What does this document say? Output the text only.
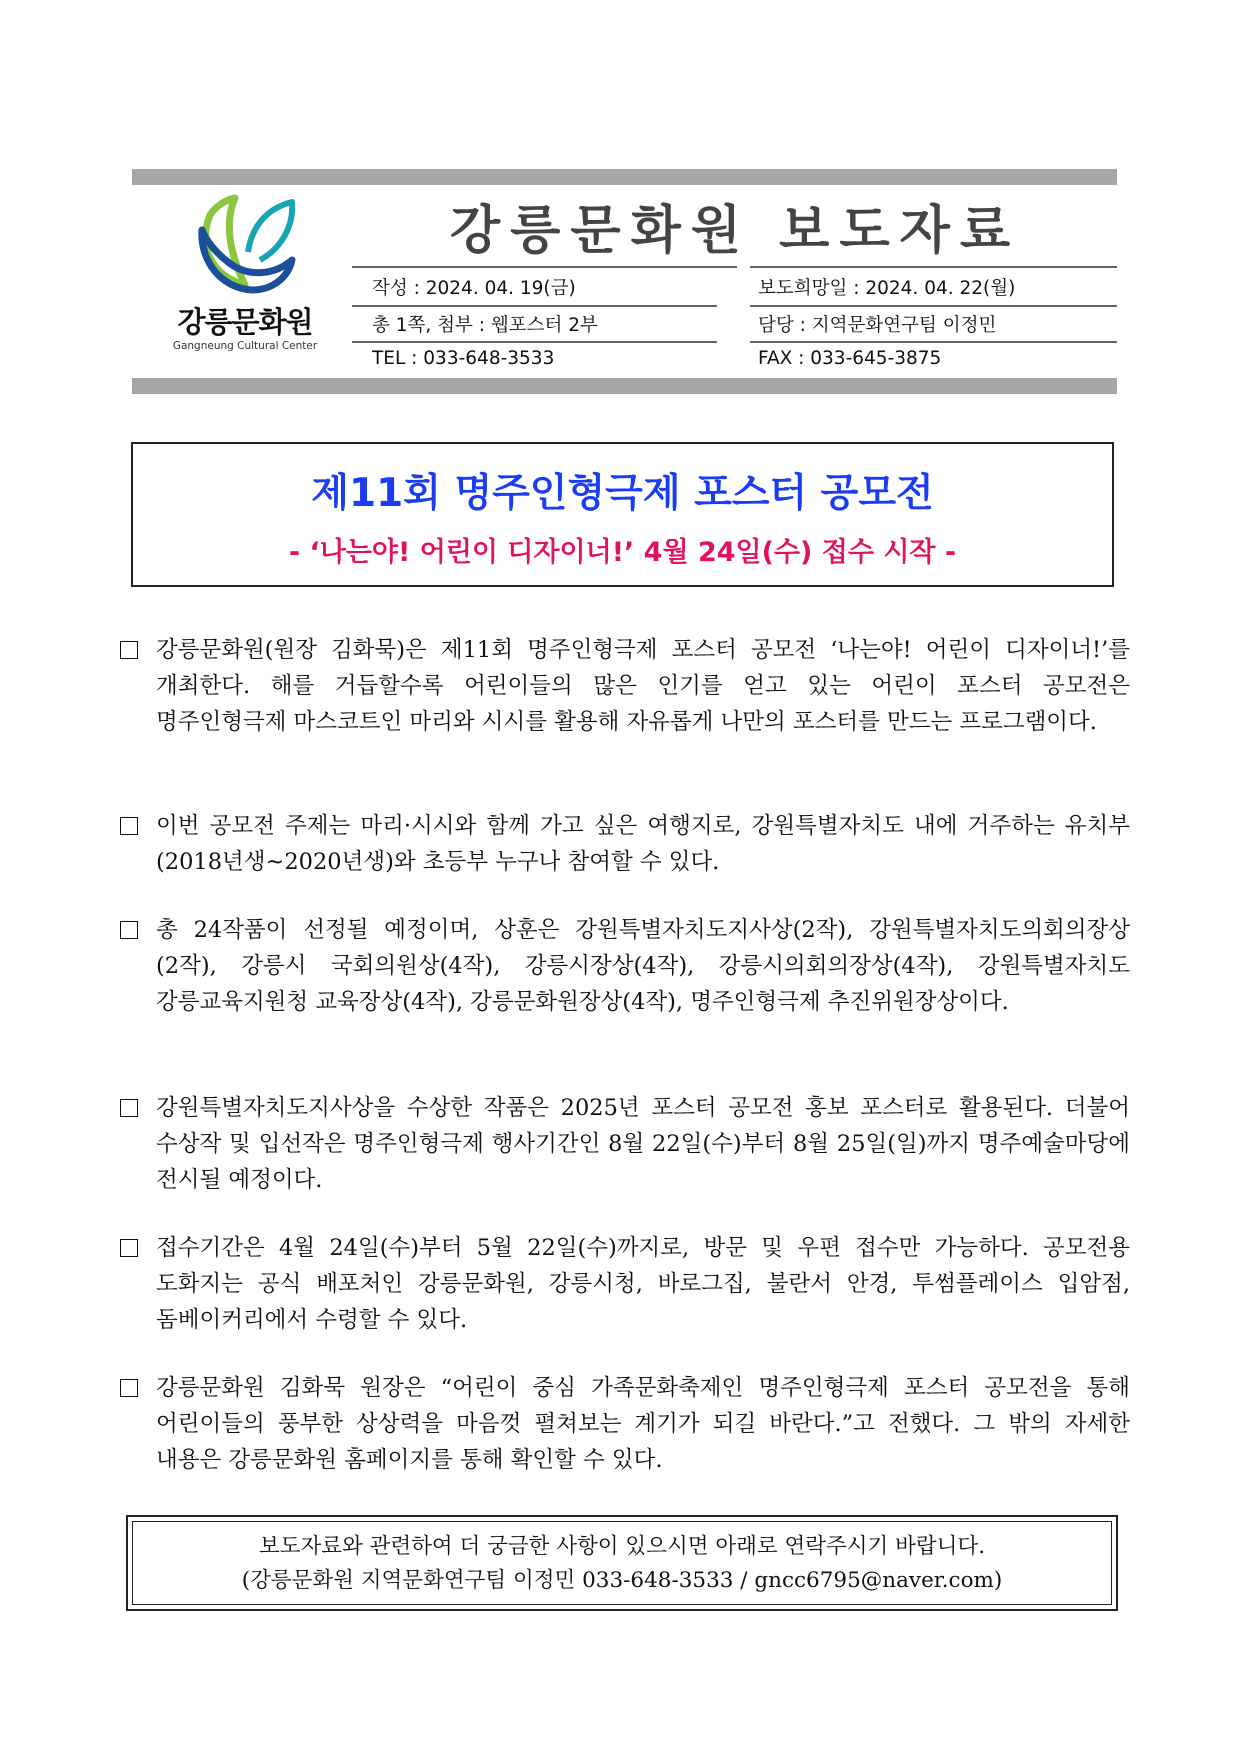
강릉문화원
Gangneung Cultural Center
강릉문화원 보도자료
작성 : 2024. 04. 19(금)	보도희망일 : 2024. 04. 22(월)
총 1쪽, 첨부 : 웹포스터 2부	담당 : 지역문화연구팀 이정민
TEL : 033-648-3533	FAX : 033-645-3875
제11회 명주인형극제 포스터 공모전
- ‘나는야! 어린이 디자이너!’ 4월 24일(수) 접수 시작 -
강릉문화원(원장 김화묵)은 제11회 명주인형극제 포스터 공모전 ‘나는야! 어린이 디자이너!’를 개최한다. 해를 거듭할수록 어린이들의 많은 인기를 얻고 있는 어린이 포스터 공모전은 명주인형극제 마스코트인 마리와 시시를 활용해 자유롭게 나만의 포스터를 만드는 프로그램이다.
이번 공모전 주제는 마리·시시와 함께 가고 싶은 여행지로, 강원특별자치도 내에 거주하는 유치부(2018년생~2020년생)와 초등부 누구나 참여할 수 있다.
총 24작품이 선정될 예정이며, 상훈은 강원특별자치도지사상(2작), 강원특별자치도의회의장상(2작), 강릉시 국회의원상(4작), 강릉시장상(4작), 강릉시의회의장상(4작), 강원특별자치도 강릉교육지원청 교육장상(4작), 강릉문화원장상(4작), 명주인형극제 추진위원장상이다.
강원특별자치도지사상을 수상한 작품은 2025년 포스터 공모전 홍보 포스터로 활용된다. 더불어 수상작 및 입선작은 명주인형극제 행사기간인 8월 22일(수)부터 8월 25일(일)까지 명주예술마당에 전시될 예정이다.
접수기간은 4월 24일(수)부터 5월 22일(수)까지로, 방문 및 우편 접수만 가능하다. 공모전용 도화지는 공식 배포처인 강릉문화원, 강릉시청, 바로그집, 불란서 안경, 투썸플레이스 입암점, 돔베이커리에서 수령할 수 있다.
강릉문화원 김화묵 원장은 “어린이 중심 가족문화축제인 명주인형극제 포스터 공모전을 통해 어린이들의 풍부한 상상력을 마음껏 펼쳐보는 계기가 되길 바란다.”고 전했다. 그 밖의 자세한 내용은 강릉문화원 홈페이지를 통해 확인할 수 있다.
보도자료와 관련하여 더 궁금한 사항이 있으시면 아래로 연락주시기 바랍니다.
(강릉문화원 지역문화연구팀 이정민 033-648-3533 / gncc6795@naver.com)
